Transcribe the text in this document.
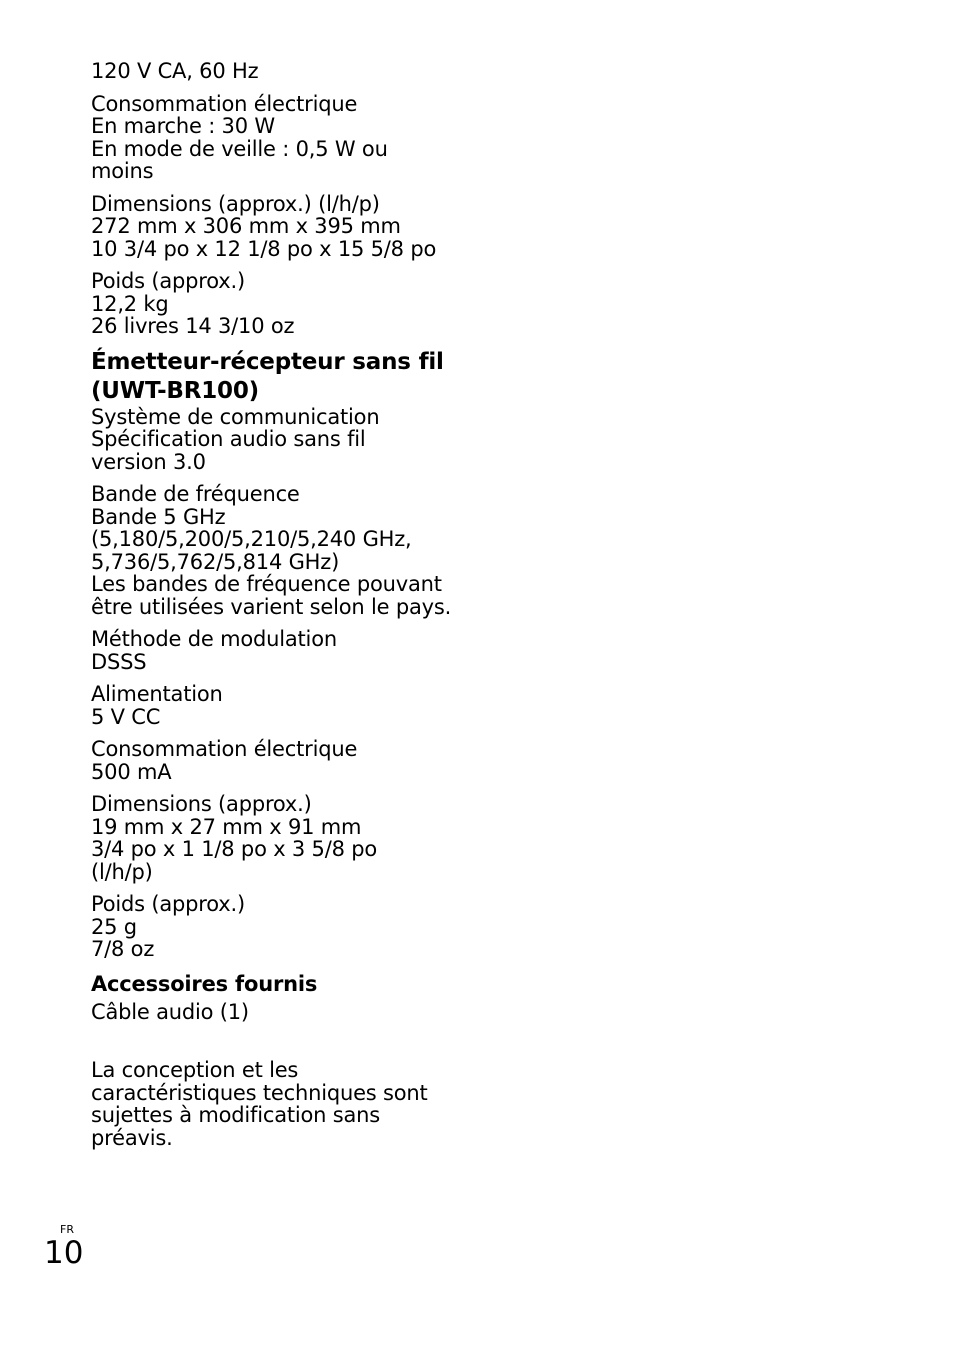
120 V CA, 60 Hz
Consommation électrique
En marche : 30 W
En mode de veille : 0,5 W ou
moins
Dimensions (approx.) (l/h/p)
272 mm x 306 mm x 395 mm
10 3/4 po x 12 1/8 po x 15 5/8 po
Poids (approx.)
12,2 kg
26 livres 14 3/10 oz
Émetteur-récepteur sans fil
(UWT-BR100)
Système de communication
Spécification audio sans fil
version 3.0
Bande de fréquence
Bande 5 GHz
(5,180/5,200/5,210/5,240 GHz,
5,736/5,762/5,814 GHz)
Les bandes de fréquence pouvant
être utilisées varient selon le pays.
Méthode de modulation
DSSS
Alimentation
5 V CC
Consommation électrique
500 mA
Dimensions (approx.)
19 mm x 27 mm x 91 mm
3/4 po x 1 1/8 po x 3 5/8 po
(l/h/p)
Poids (approx.)
25 g
7/8 oz
Accessoires fournis
Câble audio (1)
La conception et les
caractéristiques techniques sont
sujettes à modification sans
préavis.
FR
10
